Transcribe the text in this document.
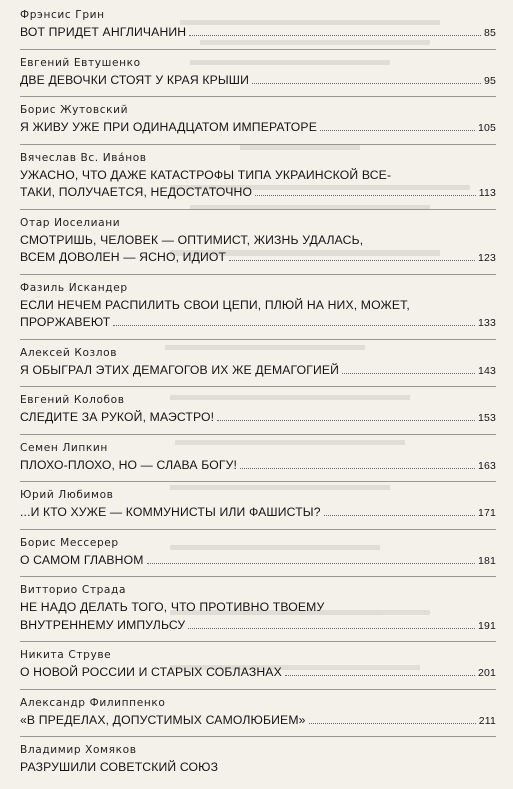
Фрэнсис Грин
ВОТ ПРИДЕТ АНГЛИЧАНИН	85
Евгений Евтушенко
ДВЕ ДЕВОЧКИ СТОЯТ У КРАЯ КРЫШИ	95
Борис Жутовский
Я ЖИВУ УЖЕ ПРИ ОДИНАДЦАТОМ ИМПЕРАТОРЕ	105
Вячеслав Вс. Ива́нов
УЖАСНО, ЧТО ДАЖЕ КАТАСТРОФЫ ТИПА УКРАИНСКОЙ ВСЕ-
ТАКИ, ПОЛУЧАЕТСЯ, НЕДОСТАТОЧНО	113
Отар Иоселиани
СМОТРИШЬ, ЧЕЛОВЕК — ОПТИМИСТ, ЖИЗНЬ УДАЛАСЬ,
ВСЕМ ДОВОЛЕН — ЯСНО, ИДИОТ	123
Фазиль Искандер
ЕСЛИ НЕЧЕМ РАСПИЛИТЬ СВОИ ЦЕПИ, ПЛЮЙ НА НИХ, МОЖЕТ,
ПРОРЖАВЕЮТ	133
Алексей Козлов
Я ОБЫГРАЛ ЭТИХ ДЕМАГОГОВ ИХ ЖЕ ДЕМАГОГИЕЙ	143
Евгений Колобов
СЛЕДИТЕ ЗА РУКОЙ, МАЭСТРО!	153
Семен Липкин
ПЛОХО-ПЛОХО, НО — СЛАВА БОГУ!	163
Юрий Любимов
...И КТО ХУЖЕ — КОММУНИСТЫ ИЛИ ФАШИСТЫ?	171
Борис Мессерер
О САМОМ ГЛАВНОМ	181
Витторио Страда
НЕ НАДО ДЕЛАТЬ ТОГО, ЧТО ПРОТИВНО ТВОЕМУ
ВНУТРЕННЕМУ ИМПУЛЬСУ	191
Никита Струве
О НОВОЙ РОССИИ И СТАРЫХ СОБЛАЗНАХ	201
Александр Филиппенко
«В ПРЕДЕЛАХ, ДОПУСТИМЫХ САМОЛЮБИЕМ»	211
Владимир Хомяков
РАЗРУШИЛИ СОВЕТСКИЙ СОЮЗ
